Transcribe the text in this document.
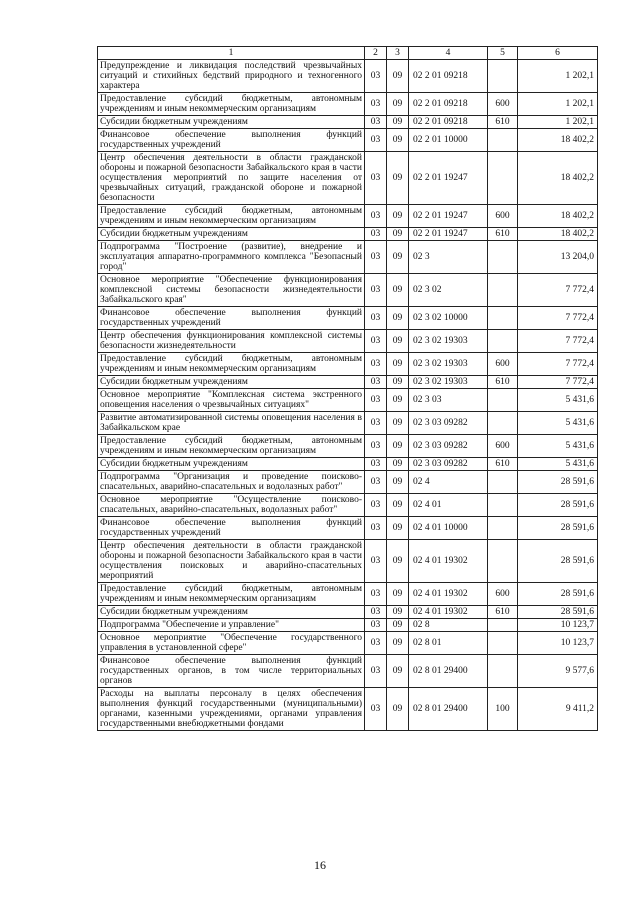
1	2	3	4	5	6
Предупреждение и ликвидация последствий чрезвычайных ситуаций и стихийных бедствий природного и техногенного характера	03	09	02 2 01 09218		1 202,1
Предоставление субсидий бюджетным, автономным учреждениям и иным некоммерческим организациям	03	09	02 2 01 09218	600	1 202,1
Субсидии бюджетным учреждениям	03	09	02 2 01 09218	610	1 202,1
Финансовое обеспечение выполнения функций государственных учреждений	03	09	02 2 01 10000		18 402,2
Центр обеспечения деятельности в области гражданской обороны и пожарной безопасности Забайкальского края в части осуществления мероприятий по защите населения от чрезвычайных ситуаций, гражданской обороне и пожарной безопасности	03	09	02 2 01 19247		18 402,2
Предоставление субсидий бюджетным, автономным учреждениям и иным некоммерческим организациям	03	09	02 2 01 19247	600	18 402,2
Субсидии бюджетным учреждениям	03	09	02 2 01 19247	610	18 402,2
Подпрограмма "Построение (развитие), внедрение и эксплуатация аппаратно-программного комплекса "Безопасный город"	03	09	02 3		13 204,0
Основное мероприятие "Обеспечение функционирования комплексной системы безопасности жизнедеятельности Забайкальского края"	03	09	02 3 02		7 772,4
Финансовое обеспечение выполнения функций государственных учреждений	03	09	02 3 02 10000		7 772,4
Центр обеспечения функционирования комплексной системы безопасности жизнедеятельности	03	09	02 3 02 19303		7 772,4
Предоставление субсидий бюджетным, автономным учреждениям и иным некоммерческим организациям	03	09	02 3 02 19303	600	7 772,4
Субсидии бюджетным учреждениям	03	09	02 3 02 19303	610	7 772,4
Основное мероприятие "Комплексная система экстренного оповещения населения о чрезвычайных ситуациях"	03	09	02 3 03		5 431,6
Развитие автоматизированной системы оповещения населения в Забайкальском крае	03	09	02 3 03 09282		5 431,6
Предоставление субсидий бюджетным, автономным учреждениям и иным некоммерческим организациям	03	09	02 3 03 09282	600	5 431,6
Субсидии бюджетным учреждениям	03	09	02 3 03 09282	610	5 431,6
Подпрограмма "Организация и проведение поисково-спасательных, аварийно-спасательных и водолазных работ"	03	09	02 4		28 591,6
Основное мероприятие "Осуществление поисково-спасательных, аварийно-спасательных, водолазных работ"	03	09	02 4 01		28 591,6
Финансовое обеспечение выполнения функций государственных учреждений	03	09	02 4 01 10000		28 591,6
Центр обеспечения деятельности в области гражданской обороны и пожарной безопасности Забайкальского края в части осуществления поисковых и аварийно-спасательных мероприятий	03	09	02 4 01 19302		28 591,6
Предоставление субсидий бюджетным, автономным учреждениям и иным некоммерческим организациям	03	09	02 4 01 19302	600	28 591,6
Субсидии бюджетным учреждениям	03	09	02 4 01 19302	610	28 591,6
Подпрограмма "Обеспечение и управление"	03	09	02 8		10 123,7
Основное мероприятие "Обеспечение государственного управления в установленной сфере"	03	09	02 8 01		10 123,7
Финансовое обеспечение выполнения функций государственных органов, в том числе территориальных органов	03	09	02 8 01 29400		9 577,6
Расходы на выплаты персоналу в целях обеспечения выполнения функций государственными (муниципальными) органами, казенными учреждениями, органами управления государственными внебюджетными фондами	03	09	02 8 01 29400	100	9 411,2
16
